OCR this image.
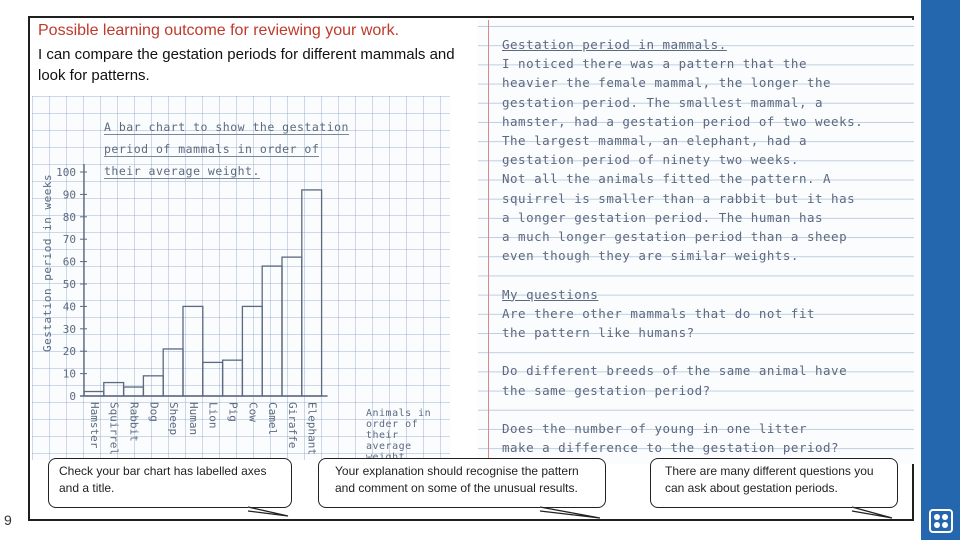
9
Possible learning outcome for reviewing your work.
I can compare the gestation periods for different mammals and look for patterns.
A bar chart to show the gestation period of mammals in order of their average weight.
Gestation period in weeks
0
10
20
30
40
50
60
70
80
90
100
Hamster Squirrel Rabbit Dog Sheep Human Lion Pig Cow Camel Giraffe Elephant	Animals in order of their average
Gestation period in mammals.
I noticed there was a pattern that the
heavier the female mammal, the longer the
gestation period. The smallest mammal, a
hamster, had a gestation period of two weeks.
The largest mammal, an elephant, had a
gestation period of ninety two weeks.
Not all the animals fitted the pattern. A
squirrel is smaller than a rabbit but it has
a longer gestation period. The human has
a much longer gestation period than a sheep
even though they are similar weights.
My questions
Are there other mammals that do not fit
the pattern like humans?
Do different breeds of the same animal have
the same gestation period?
Does the number of young in one litter
make a difference to the gestation period?
Check your bar chart has labelled axes and a title.
Your explanation should recognise the pattern and comment on some of the unusual results.
There are many different questions you can ask about gestation periods.
